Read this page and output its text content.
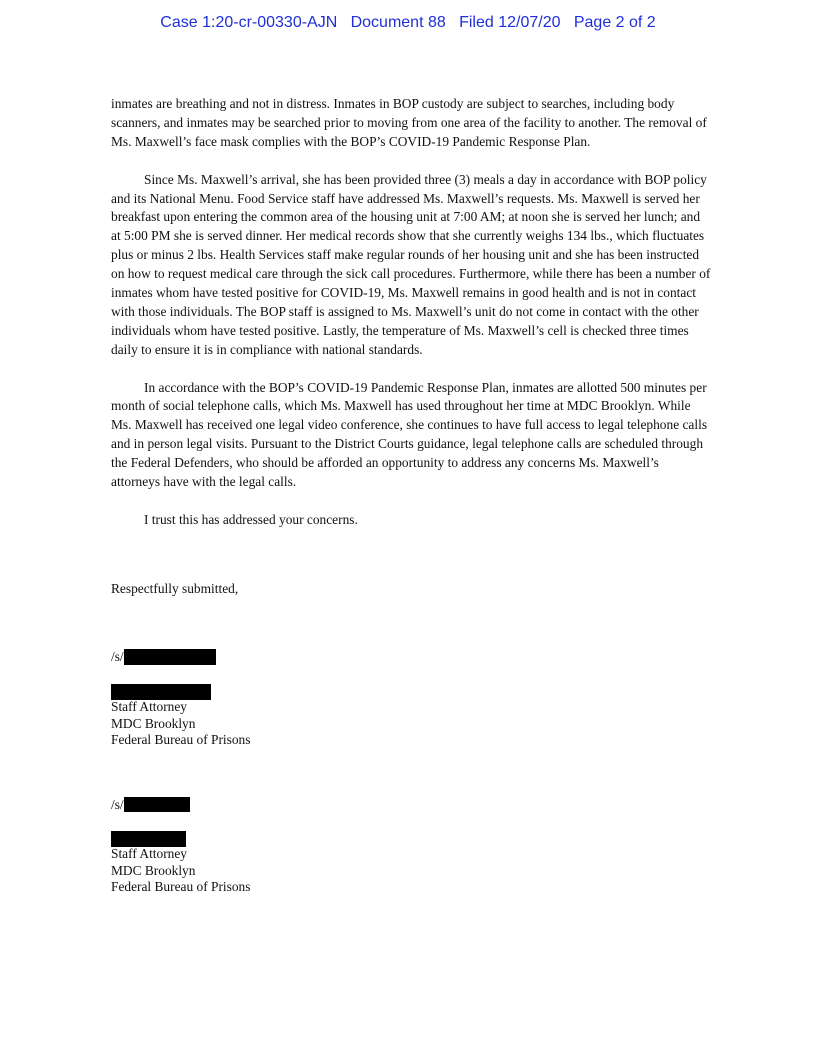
Case 1:20-cr-00330-AJN   Document 88   Filed 12/07/20   Page 2 of 2

inmates are breathing and not in distress. Inmates in BOP custody are subject to searches, including body scanners, and inmates may be searched prior to moving from one area of the facility to another. The removal of Ms. Maxwell’s face mask complies with the BOP’s COVID-19 Pandemic Response Plan.

Since Ms. Maxwell’s arrival, she has been provided three (3) meals a day in accordance with BOP policy and its National Menu. Food Service staff have addressed Ms. Maxwell’s requests. Ms. Maxwell is served her breakfast upon entering the common area of the housing unit at 7:00 AM; at noon she is served her lunch; and at 5:00 PM she is served dinner. Her medical records show that she currently weighs 134 lbs., which fluctuates plus or minus 2 lbs. Health Services staff make regular rounds of her housing unit and she has been instructed on how to request medical care through the sick call procedures. Furthermore, while there has been a number of inmates whom have tested positive for COVID-19, Ms. Maxwell remains in good health and is not in contact with those individuals. The BOP staff is assigned to Ms. Maxwell’s unit do not come in contact with the other individuals whom have tested positive. Lastly, the temperature of Ms. Maxwell’s cell is checked three times daily to ensure it is in compliance with national standards.

In accordance with the BOP’s COVID-19 Pandemic Response Plan, inmates are allotted 500 minutes per month of social telephone calls, which Ms. Maxwell has used throughout her time at MDC Brooklyn. While Ms. Maxwell has received one legal video conference, she continues to have full access to legal telephone calls and in person legal visits. Pursuant to the District Courts guidance, legal telephone calls are scheduled through the Federal Defenders, who should be afforded an opportunity to address any concerns Ms. Maxwell’s attorneys have with the legal calls.

I trust this has addressed your concerns.

Respectfully submitted,
/s/
Staff Attorney
MDC Brooklyn
Federal Bureau of Prisons
/s/
Staff Attorney
MDC Brooklyn
Federal Bureau of Prisons
